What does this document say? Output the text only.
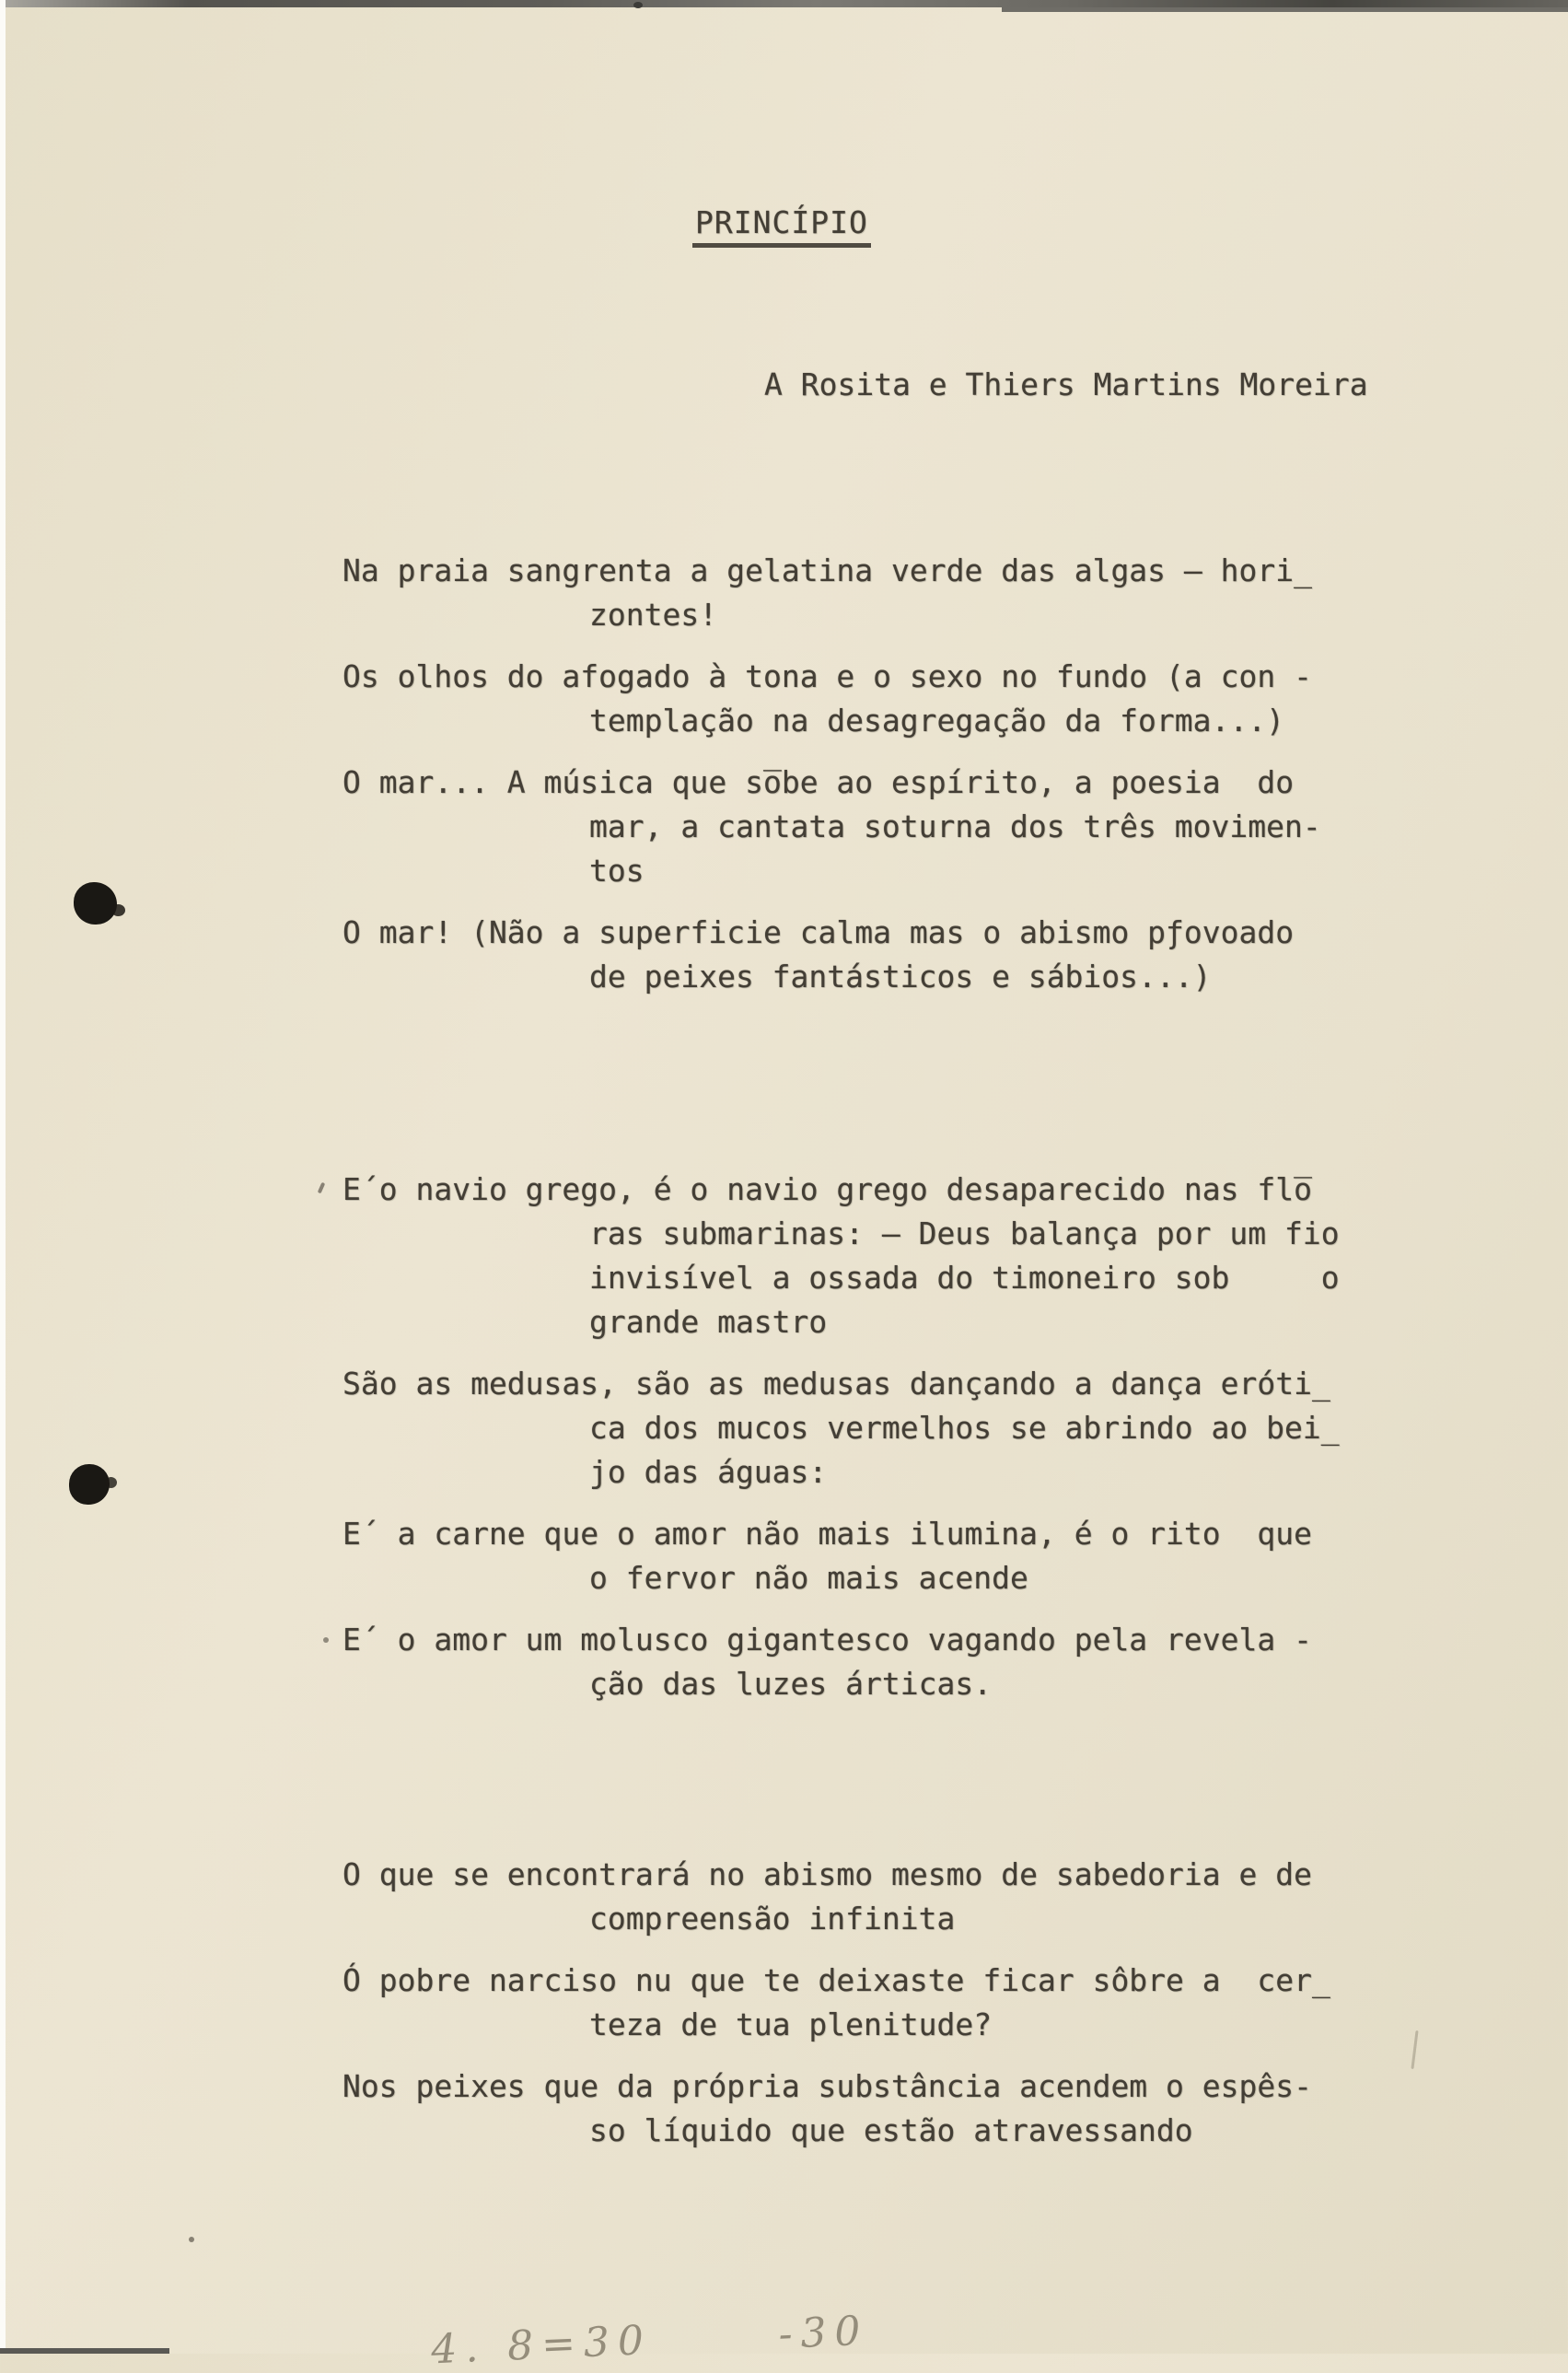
PRINCÍPIO
A Rosita e Thiers Martins Moreira
Na praia sangrenta a gelatina verde das algas — hori̲
zontes!
Os olhos do afogado à tona e o sexo no fundo (a con -
templação na desagregação da forma...)
O mar... A música que so̅be ao espírito, a poesia  do
mar, a cantata soturna dos três movimen-
tos
O mar! (Não a superficie calma mas o abismo pƒovoado
de peixes fantásticos e sábios...)
E´o navio grego, é o navio grego desaparecido nas flo̅
ras submarinas: — Deus balança por um fio
invisível a ossada do timoneiro sob     o
grande mastro
São as medusas, são as medusas dançando a dança eróti̲
ca dos mucos vermelhos se abrindo ao bei̲
jo das águas:
E´ a carne que o amor não mais ilumina, é o rito  que
o fervor não mais acende
E´ o amor um molusco gigantesco vagando pela revela -
ção das luzes árticas.
O que se encontrará no abismo mesmo de sabedoria e de
compreensão infinita
Ó pobre narciso nu que te deixaste ficar sôbre a  cer̲
teza de tua plenitude?
Nos peixes que da própria substância acendem o espês-
so líquido que estão atravessando
4. 8=30      -30
